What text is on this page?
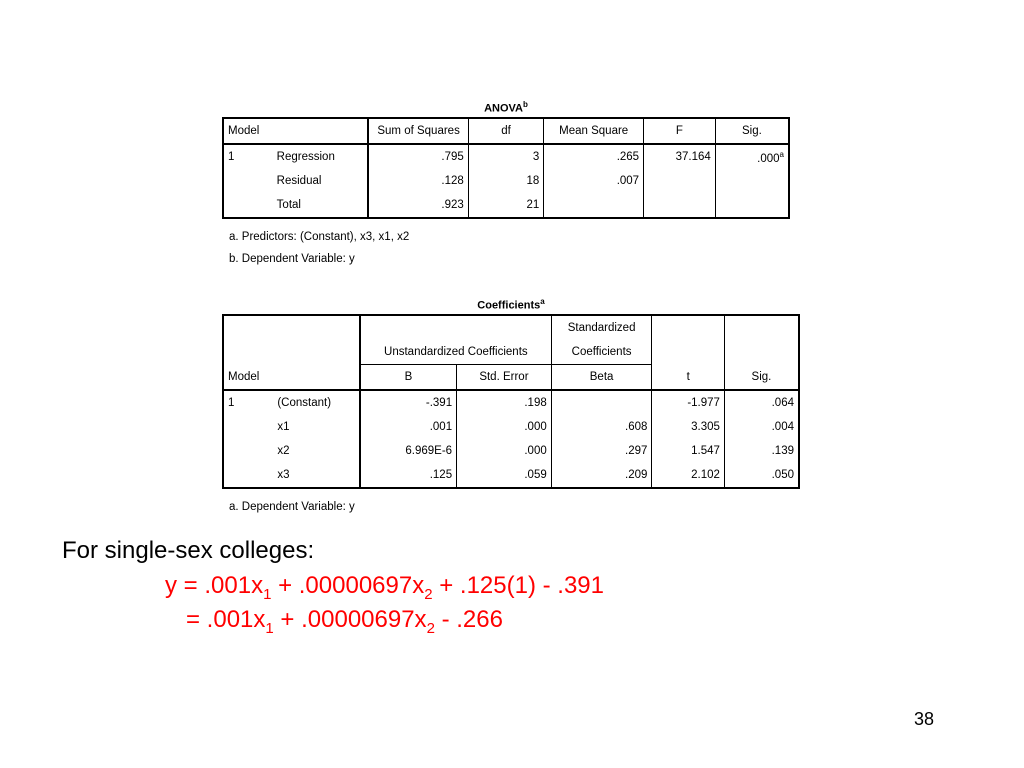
ANOVA$^b$
Model		Sum of Squares	df	Mean Square	F	Sig.
1	Regression	.795	3	.265	37.164	.000$^a$
	Residual	.128	18	.007		
	Total	.923	21			
a. Predictors: (Constant), x3, x1, x2
b. Dependent Variable: y
Coefficients$^a$
				Standardized		
		Unstandardized Coefficients		Coefficients		
Model		B	Std. Error	Beta	t	Sig.
1	(Constant)	-.391	.198		-1.977	.064
	x1	.001	.000	.608	3.305	.004
	x2	6.969E-6	.000	.297	1.547	.139
	x3	.125	.059	.209	2.102	.050
a. Dependent Variable: y
For single-sex colleges:
$y = .001x_1 + .00000697x_2 + .125(1) - .391$
= $.001x_1 + .00000697x_2 - .266$
38
